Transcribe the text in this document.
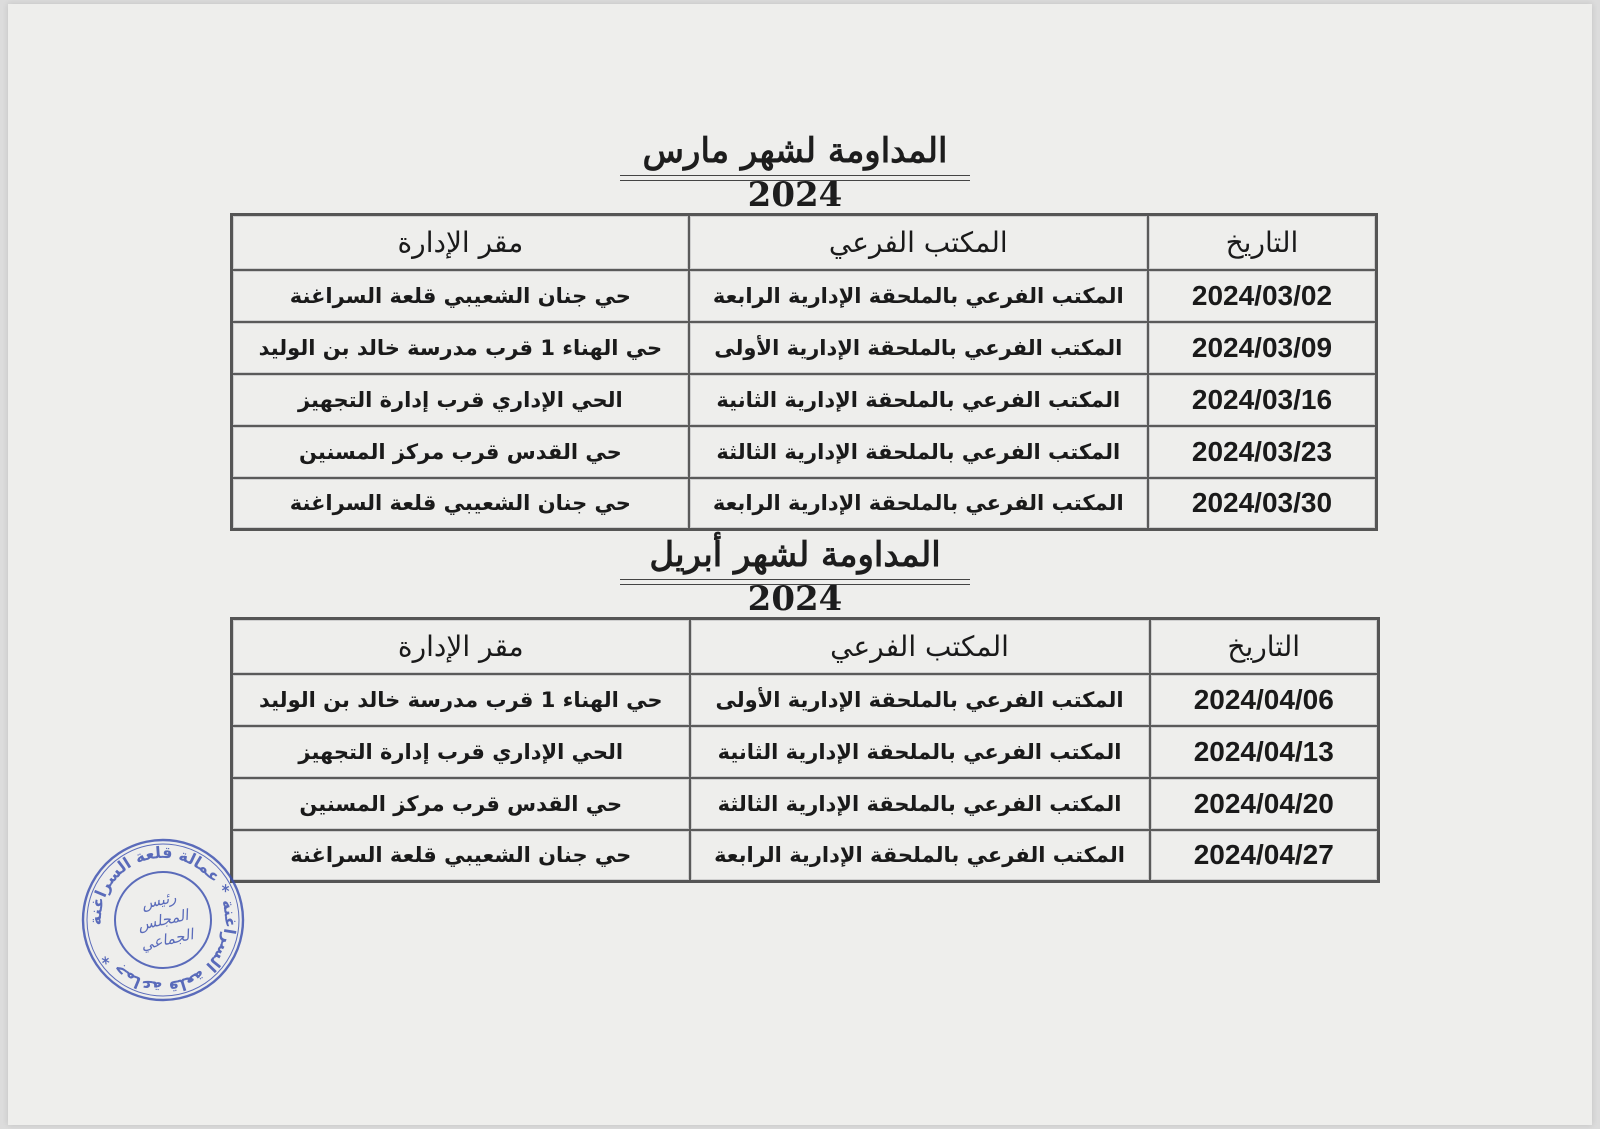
المداومة لشهر مارس 2024
التاريخ	المكتب الفرعي	مقر الإدارة
2024/03/02	المكتب الفرعي بالملحقة الإدارية الرابعة	حي جنان الشعيبي قلعة السراغنة
2024/03/09	المكتب الفرعي بالملحقة الإدارية الأولى	حي الهناء 1 قرب مدرسة خالد بن الوليد
2024/03/16	المكتب الفرعي بالملحقة الإدارية الثانية	الحي الإداري قرب إدارة التجهيز
2024/03/23	المكتب الفرعي بالملحقة الإدارية الثالثة	حي القدس قرب مركز المسنين
2024/03/30	المكتب الفرعي بالملحقة الإدارية الرابعة	حي جنان الشعيبي قلعة السراغنة
المداومة لشهر أبريل 2024
التاريخ	المكتب الفرعي	مقر الإدارة
2024/04/06	المكتب الفرعي بالملحقة الإدارية الأولى	حي الهناء 1 قرب مدرسة خالد بن الوليد
2024/04/13	المكتب الفرعي بالملحقة الإدارية الثانية	الحي الإداري قرب إدارة التجهيز
2024/04/20	المكتب الفرعي بالملحقة الإدارية الثالثة	حي القدس قرب مركز المسنين
2024/04/27	المكتب الفرعي بالملحقة الإدارية الرابعة	حي جنان الشعيبي قلعة السراغنة
جماعة قلعة السراغنة * عمالة قلعة السراغنة *
رئيس
المجلس
الجماعي
